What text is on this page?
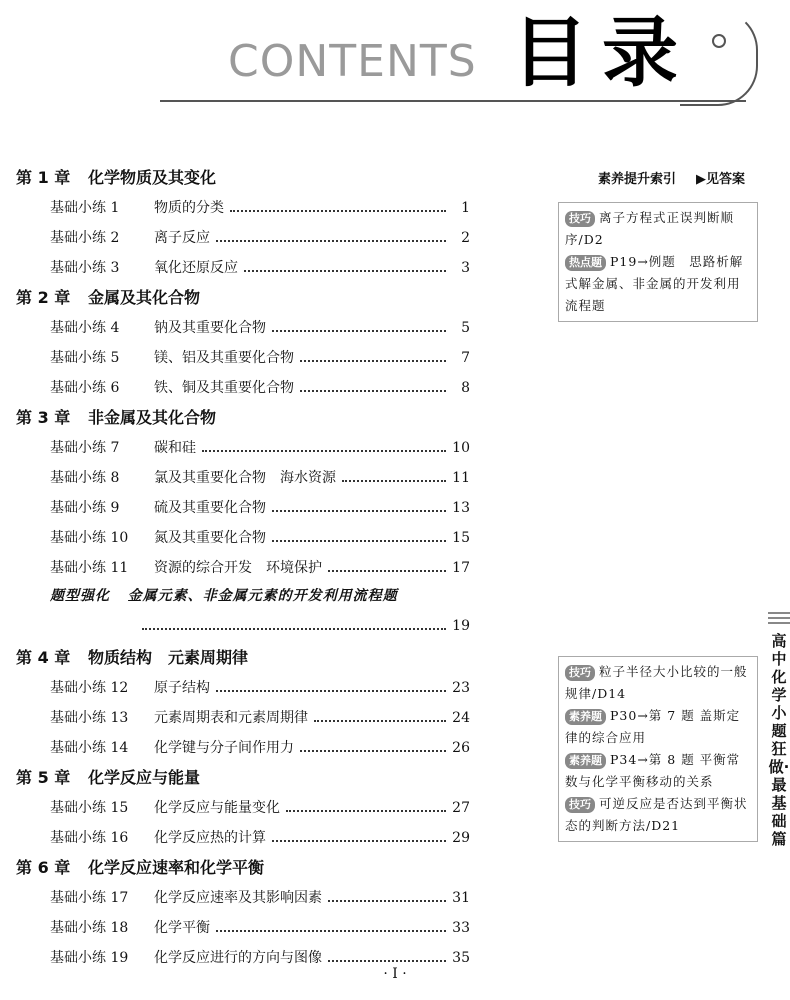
CONTENTS 目录
第 1 章 化学物质及其变化
基础小练 1	物质的分类	1
基础小练 2	离子反应	2
基础小练 3	氧化还原反应	3
第 2 章 金属及其化合物
基础小练 4	钠及其重要化合物	5
基础小练 5	镁、铝及其重要化合物	7
基础小练 6	铁、铜及其重要化合物	8
第 3 章 非金属及其化合物
基础小练 7	碳和硅	10
基础小练 8	氯及其重要化合物　海水资源	11
基础小练 9	硫及其重要化合物	13
基础小练 10	氮及其重要化合物	15
基础小练 11	资源的综合开发　环境保护	17
题型强化 金属元素、非金属元素的开发利用流程题
19
第 4 章 物质结构　元素周期律
基础小练 12	原子结构	23
基础小练 13	元素周期表和元素周期律	24
基础小练 14	化学键与分子间作用力	26
第 5 章 化学反应与能量
基础小练 15	化学反应与能量变化	27
基础小练 16	化学反应热的计算	29
第 6 章 化学反应速率和化学平衡
基础小练 17	化学反应速率及其影响因素	31
基础小练 18	化学平衡	33
基础小练 19	化学反应进行的方向与图像	35
素养提升索引 ▶见答案
技巧 离子方程式正误判断顺序/D2
热点题 P19→例题　思路析解式解金属、非金属的开发利用流程题
技巧 粒子半径大小比较的一般规律/D14
素养题 P30→第 7 题 盖斯定律的综合应用
素养题 P34→第 8 题 平衡常数与化学平衡移动的关系
技巧 可逆反应是否达到平衡状态的判断方法/D21
高中化学 小题狂做·最基础篇
· Ⅰ ·
